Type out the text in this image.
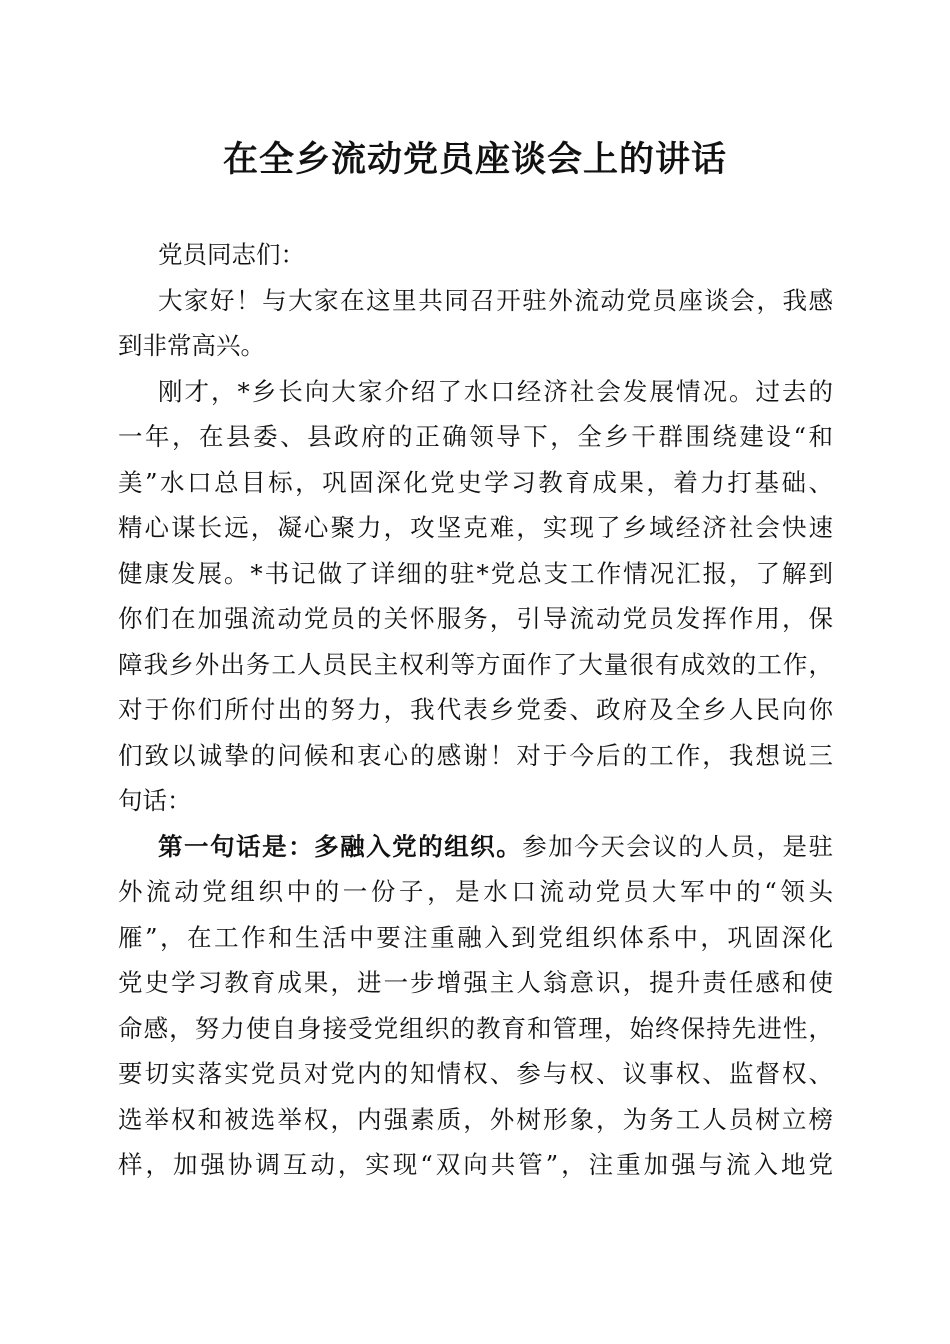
在全乡流动党员座谈会上的讲话
党员同志们：
大家好！与大家在这里共同召开驻外流动党员座谈会，我感
到非常高兴。
刚才，*乡长向大家介绍了水口经济社会发展情况。过去的
一年，在县委、县政府的正确领导下，全乡干群围绕建设“和
美”水口总目标，巩固深化党史学习教育成果，着力打基础、
精心谋长远，凝心聚力，攻坚克难，实现了乡域经济社会快速
健康发展。*书记做了详细的驻*党总支工作情况汇报，了解到
你们在加强流动党员的关怀服务，引导流动党员发挥作用，保
障我乡外出务工人员民主权利等方面作了大量很有成效的工作，
对于你们所付出的努力，我代表乡党委、政府及全乡人民向你
们致以诚挚的问候和衷心的感谢！对于今后的工作，我想说三
句话：
第一句话是：多融入党的组织。参加今天会议的人员，是驻
外流动党组织中的一份子，是水口流动党员大军中的“领头
雁”，在工作和生活中要注重融入到党组织体系中，巩固深化
党史学习教育成果，进一步增强主人翁意识，提升责任感和使
命感，努力使自身接受党组织的教育和管理，始终保持先进性，
要切实落实党员对党内的知情权、参与权、议事权、监督权、
选举权和被选举权，内强素质，外树形象，为务工人员树立榜
样，加强协调互动，实现“双向共管”，注重加强与流入地党
